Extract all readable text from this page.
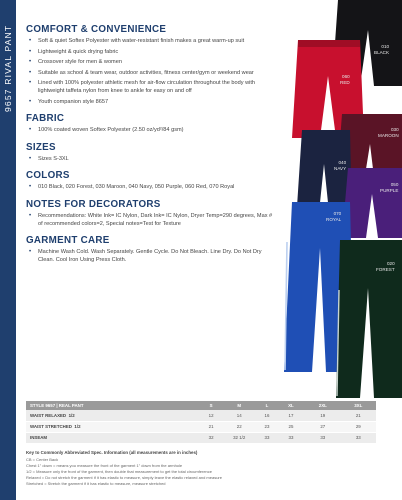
9657 RIVAL PANT COMFORT & CONVENIENCE
• Soft & quiet Softex Polyester with water-resistant finish makes a great warm-up suit
• Lightweight & quick drying fabric
• Crossover style for men & women
• Suitable as school & team wear, outdoor activities, fitness center/gym or weekend wear
• Lined with 100% polyester athletic mesh for air-flow circulation throughout the body with lightweight taffeta nylon from knee to ankle for easy on and off
• Youth companion style 8657
FABRIC
• 100% coated woven Softex Polyester (2.50 oz/yd²/84 gsm)
SIZES
• Sizes S-3XL
COLORS
• 010 Black, 020 Forest, 030 Maroon, 040 Navy, 050 Purple, 060 Red, 070 Royal
NOTES FOR DECORATORS
• Recommendations: White Ink= IC Nylon, Dark Ink= IC Nylon, Dryer Temp=290 degrees, Max # of recommended colors=2, Special notes=Test for Texture
GARMENT CARE
• Machine Wash Cold. Wash Separately. Gentle Cycle. Do Not Bleach. Line Dry. Do Not Dry Clean. Cool Iron Using Press Cloth.
010
BLACK
060
RED
030
MAROON
040
NAVY
050
PURPLE
070
ROYAL
020
FOREST
STYLE 9657 | REAL PANT	S	M	L	XL	2XL	3XL
WAIST RELAXED 1/2	12	14	16	17	19	21
WAIST STRETCHED 1/2	21	22	23	25	27	29
INSEAM	32	32 1/2	33	33	33	33
Key to Commonly Abbreviated Spec. Information (all measurements are in inches)
CB = Center Back
Chest 1" down = means you measure the front of the garment 1" down from the armhole
1/2 = Measure only the front of the garment, then double that measurement to get the total circumference
Relaxed = Do not stretch the garment if it has elastic to measure, simply leave the elastic relaxed and measure
Stretched = Stretch the garment if it has elastic to measure, measure stretched
